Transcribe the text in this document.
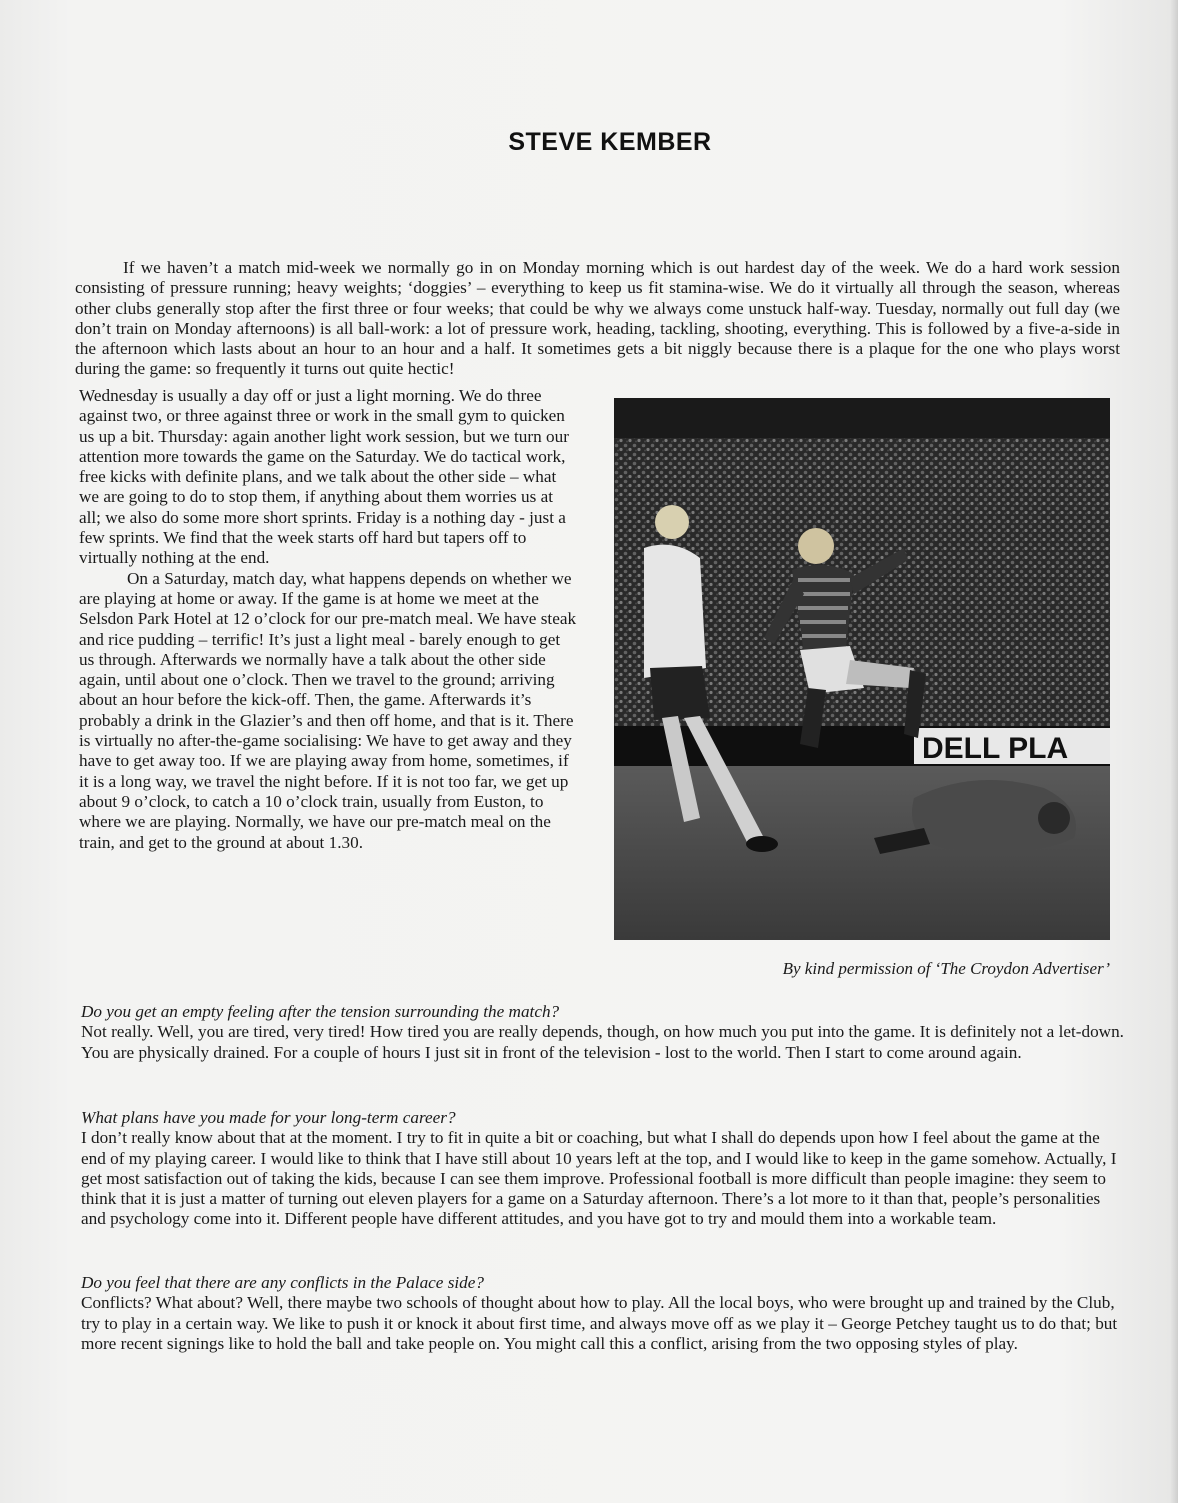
STEVE KEMBER

If we haven’t a match mid-week we normally go in on Monday morning which is out hardest day of the week. We do a hard work session consisting of pressure running; heavy weights; ‘doggies’ – everything to keep us fit stamina-wise. We do it virtually all through the season, whereas other clubs generally stop after the first three or four weeks; that could be why we always come unstuck half-way. Tuesday, normally out full day (we don’t train on Monday afternoons) is all ball-work: a lot of pressure work, heading, tackling, shooting, everything. This is followed by a five-a-side in the afternoon which lasts about an hour to an hour and a half. It sometimes gets a bit niggly because there is a plaque for the one who plays worst during the game: so frequently it turns out quite hectic!

Wednesday is usually a day off or just a light morning. We do three against two, or three against three or work in the small gym to quicken us up a bit. Thursday: again another light work session, but we turn our attention more towards the game on the Saturday. We do tactical work, free kicks with definite plans, and we talk about the other side – what we are going to do to stop them, if anything about them worries us at all; we also do some more short sprints. Friday is a nothing day - just a few sprints. We find that the week starts off hard but tapers off to virtually nothing at the end.

On a Saturday, match day, what happens depends on whether we are playing at home or away. If the game is at home we meet at the Selsdon Park Hotel at 12 o’clock for our pre-match meal. We have steak and rice pudding – terrific! It’s just a light meal - barely enough to get us through. Afterwards we normally have a talk about the other side again, until about one o’clock. Then we travel to the ground; arriving about an hour before the kick-off. Then, the game. Afterwards it’s probably a drink in the Glazier’s and then off home, and that is it. There is virtually no after-the-game socialising: We have to get away and they have to get away too. If we are playing away from home, sometimes, if it is a long way, we travel the night before. If it is not too far, we get up about 9 o’clock, to catch a 10 o’clock train, usually from Euston, to where we are playing. Normally, we have our pre-match meal on the train, and get to the ground at about 1.30.

DELL PLA
By kind permission of ‘The Croydon Advertiser’

Do you get an empty feeling after the tension surrounding the match?

Not really. Well, you are tired, very tired! How tired you are really depends, though, on how much you put into the game. It is definitely not a let-down. You are physically drained. For a couple of hours I just sit in front of the television - lost to the world. Then I start to come around again.

What plans have you made for your long-term career?

I don’t really know about that at the moment. I try to fit in quite a bit or coaching, but what I shall do depends upon how I feel about the game at the end of my playing career. I would like to think that I have still about 10 years left at the top, and I would like to keep in the game somehow. Actually, I get most satisfaction out of taking the kids, because I can see them improve. Professional football is more difficult than people imagine: they seem to think that it is just a matter of turning out eleven players for a game on a Saturday afternoon. There’s a lot more to it than that, people’s personalities and psychology come into it. Different people have different attitudes, and you have got to try and mould them into a workable team.

Do you feel that there are any conflicts in the Palace side?

Conflicts? What about? Well, there maybe two schools of thought about how to play. All the local boys, who were brought up and trained by the Club, try to play in a certain way. We like to push it or knock it about first time, and always move off as we play it – George Petchey taught us to do that; but more recent signings like to hold the ball and take people on. You might call this a conflict, arising from the two opposing styles of play.
